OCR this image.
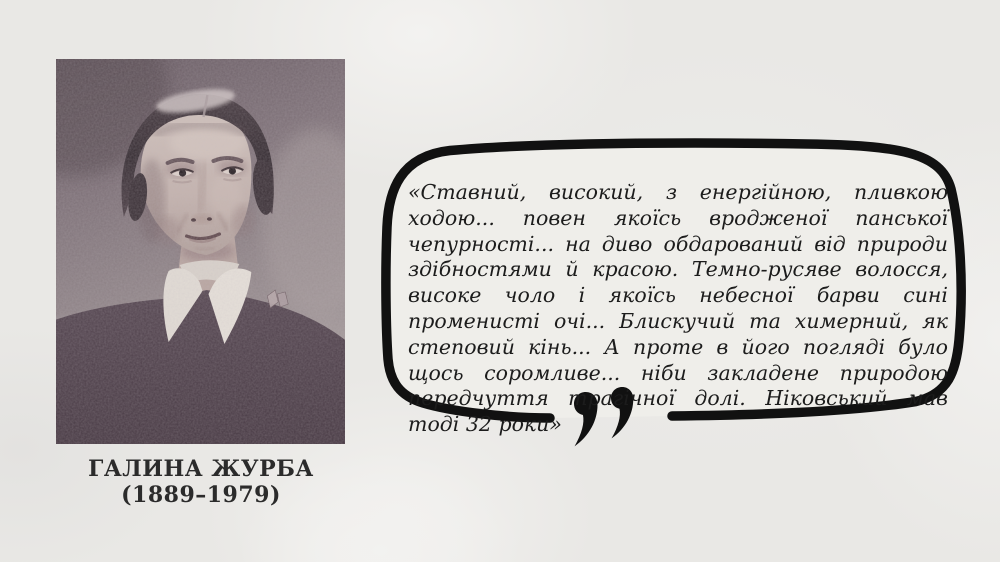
ГАЛИНА ЖУРБА
(1889–1979)
«Ставний, високий, з енергійною, пливкою ходою... повен якоїсь вродженої панської чепурності... на диво обдарований від природи здібностями й красою. Темно-русяве волосся, високе чоло і якоїсь небесної барви сині променисті очі... Блискучий та химерний, як степовий кінь... А проте в його погляді було щось соромливе... ніби закладене природою передчуття трагічної долі. Ніковський мав тоді 32 роки»
